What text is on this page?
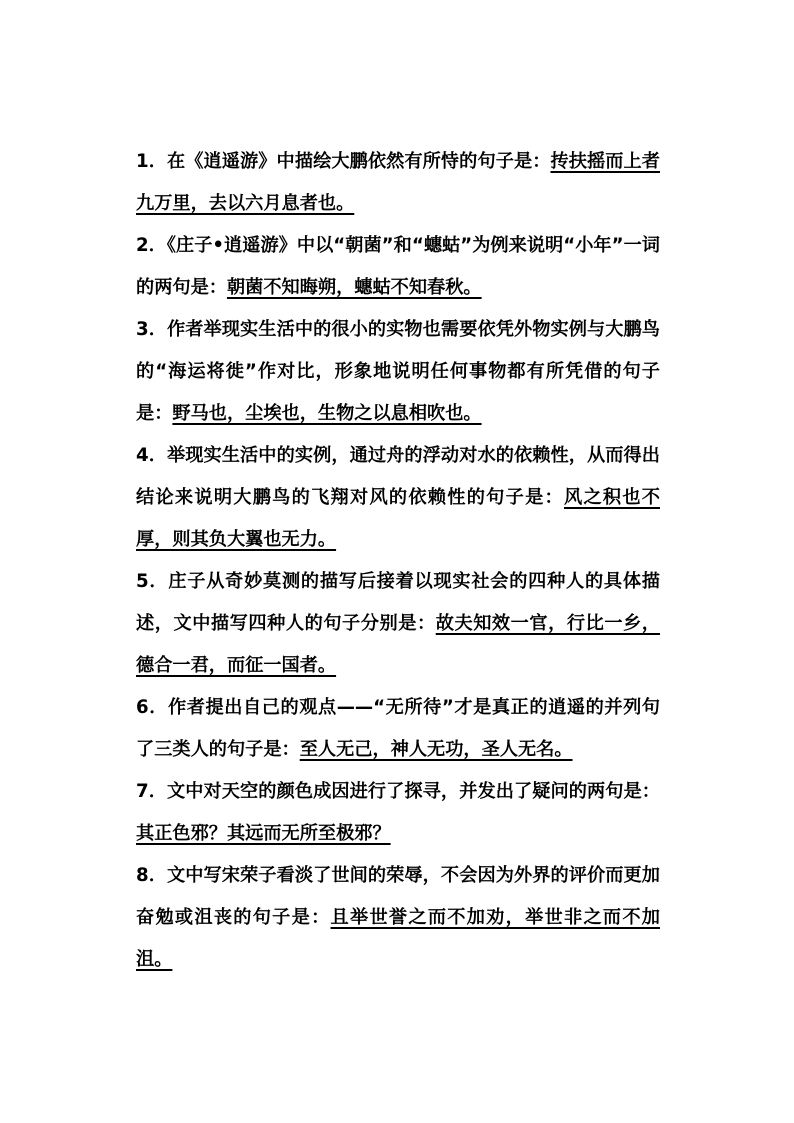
1．在《逍遥游》中描绘大鹏依然有所恃的句子是：抟扶摇而上者九万里，去以六月息者也。

2．《庄子•逍遥游》中以“朝菌”和“蟪蛄”为例来说明“小年”一词的两句是：朝菌不知晦朔，蟪蛄不知春秋。

3．作者举现实生活中的很小的实物也需要依凭外物实例与大鹏鸟的“海运将徙”作对比，形象地说明任何事物都有所凭借的句子是：野马也，尘埃也，生物之以息相吹也。

4．举现实生活中的实例，通过舟的浮动对水的依赖性，从而得出结论来说明大鹏鸟的飞翔对风的依赖性的句子是：风之积也不厚，则其负大翼也无力。

5．庄子从奇妙莫测的描写后接着以现实社会的四种人的具体描述，文中描写四种人的句子分别是：故夫知效一官，行比一乡，德合一君，而征一国者。

6．作者提出自己的观点——“无所待”才是真正的逍遥的并列句了三类人的句子是：至人无己，神人无功，圣人无名。

7．文中对天空的颜色成因进行了探寻，并发出了疑问的两句是：其正色邪？其远而无所至极邪？

8．文中写宋荣子看淡了世间的荣辱，不会因为外界的评价而更加奋勉或沮丧的句子是：且举世誉之而不加劝，举世非之而不加沮。
